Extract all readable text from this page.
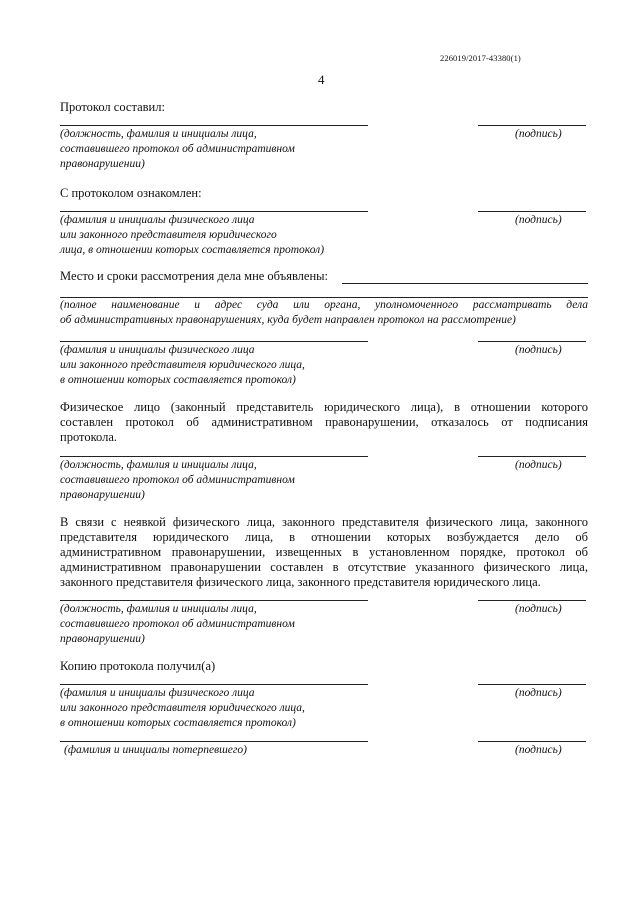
226019/2017-43380(1)
4
Протокол составил:
(должность, фамилия и инициалы лица,
составившего протокол об административном
правонарушении)
(подпись)
С протоколом ознакомлен:
(фамилия и инициалы физического лица
или законного представителя юридического
лица, в отношении которых составляется протокол)
(подпись)
Место и сроки рассмотрения дела мне объявлены:
(полное наименование и адрес суда или органа, уполномоченного рассматривать дела
об административных правонарушениях, куда будет направлен протокол на рассмотрение)
(фамилия и инициалы физического лица
или законного представителя юридического лица,
в отношении которых составляется протокол)
(подпись)
Физическое лицо (законный представитель юридического лица), в отношении которого
составлен протокол об административном правонарушении, отказалось от подписания
протокола.
(должность, фамилия и инициалы лица,
составившего протокол об административном
правонарушении)
(подпись)
В связи с неявкой физического лица, законного представителя физического лица, законного
представителя юридического лица, в отношении которых возбуждается дело об
административном правонарушении, извещенных в установленном порядке, протокол об
административном правонарушении составлен в отсутствие указанного физического лица,
законного представителя физического лица, законного представителя юридического лица.
(должность, фамилия и инициалы лица,
составившего протокол об административном
правонарушении)
(подпись)
Копию протокола получил(а)
(фамилия и инициалы физического лица
или законного представителя юридического лица,
в отношении которых составляется протокол)
(подпись)
(фамилия и инициалы потерпевшего)	(подпись)
